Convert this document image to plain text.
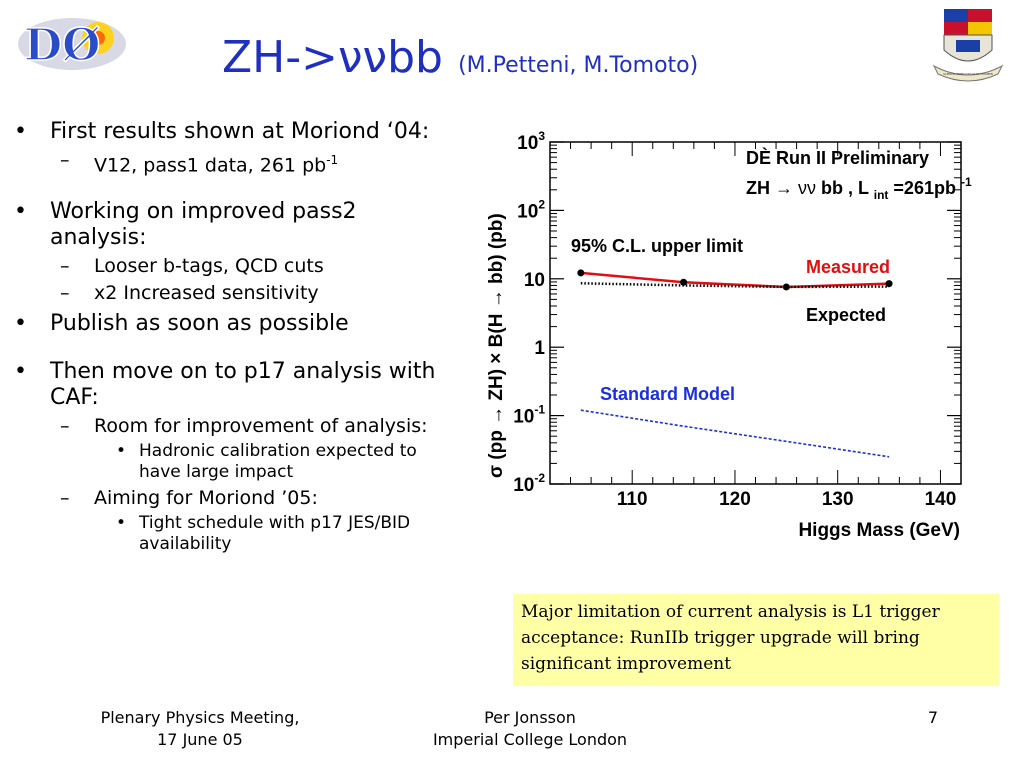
DØ
SCIENTIA IMPERII DECUS ET TUTAMEN
ZH->ννbb (M.Petteni, M.Tomoto)
• First results shown at Moriond ‘04:
– V12, pass1 data, 261 $pb^{-1}$
• Working on improved pass2 analysis:
– Looser b-tags, QCD cuts
– x2 Increased sensitivity
• Publish as soon as possible
• Then move on to p17 analysis with CAF:
– Room for improvement of analysis:
• Hadronic calibration expected to have large impact
– Aiming for Moriond ’05:
• Tight schedule with p17 JES/BID availability
$10^3$
$10^2$
10
1
$10^{-1}$
$10^{-2}$
110	120	130	140
DÈ Run II Preliminary
ZH → νν bb , L $_{int}$ =261pb $^{-1}$
95% C.L. upper limit
Measured
Expected
Standard Model
Higgs Mass (GeV)
σ (pp → ZH) × B(H → bb) (pb)
Major limitation of current analysis is L1 trigger acceptance: RunIIb trigger upgrade will bring significant improvement
Plenary Physics Meeting,
17 June 05
Per Jonsson
Imperial College London
7
